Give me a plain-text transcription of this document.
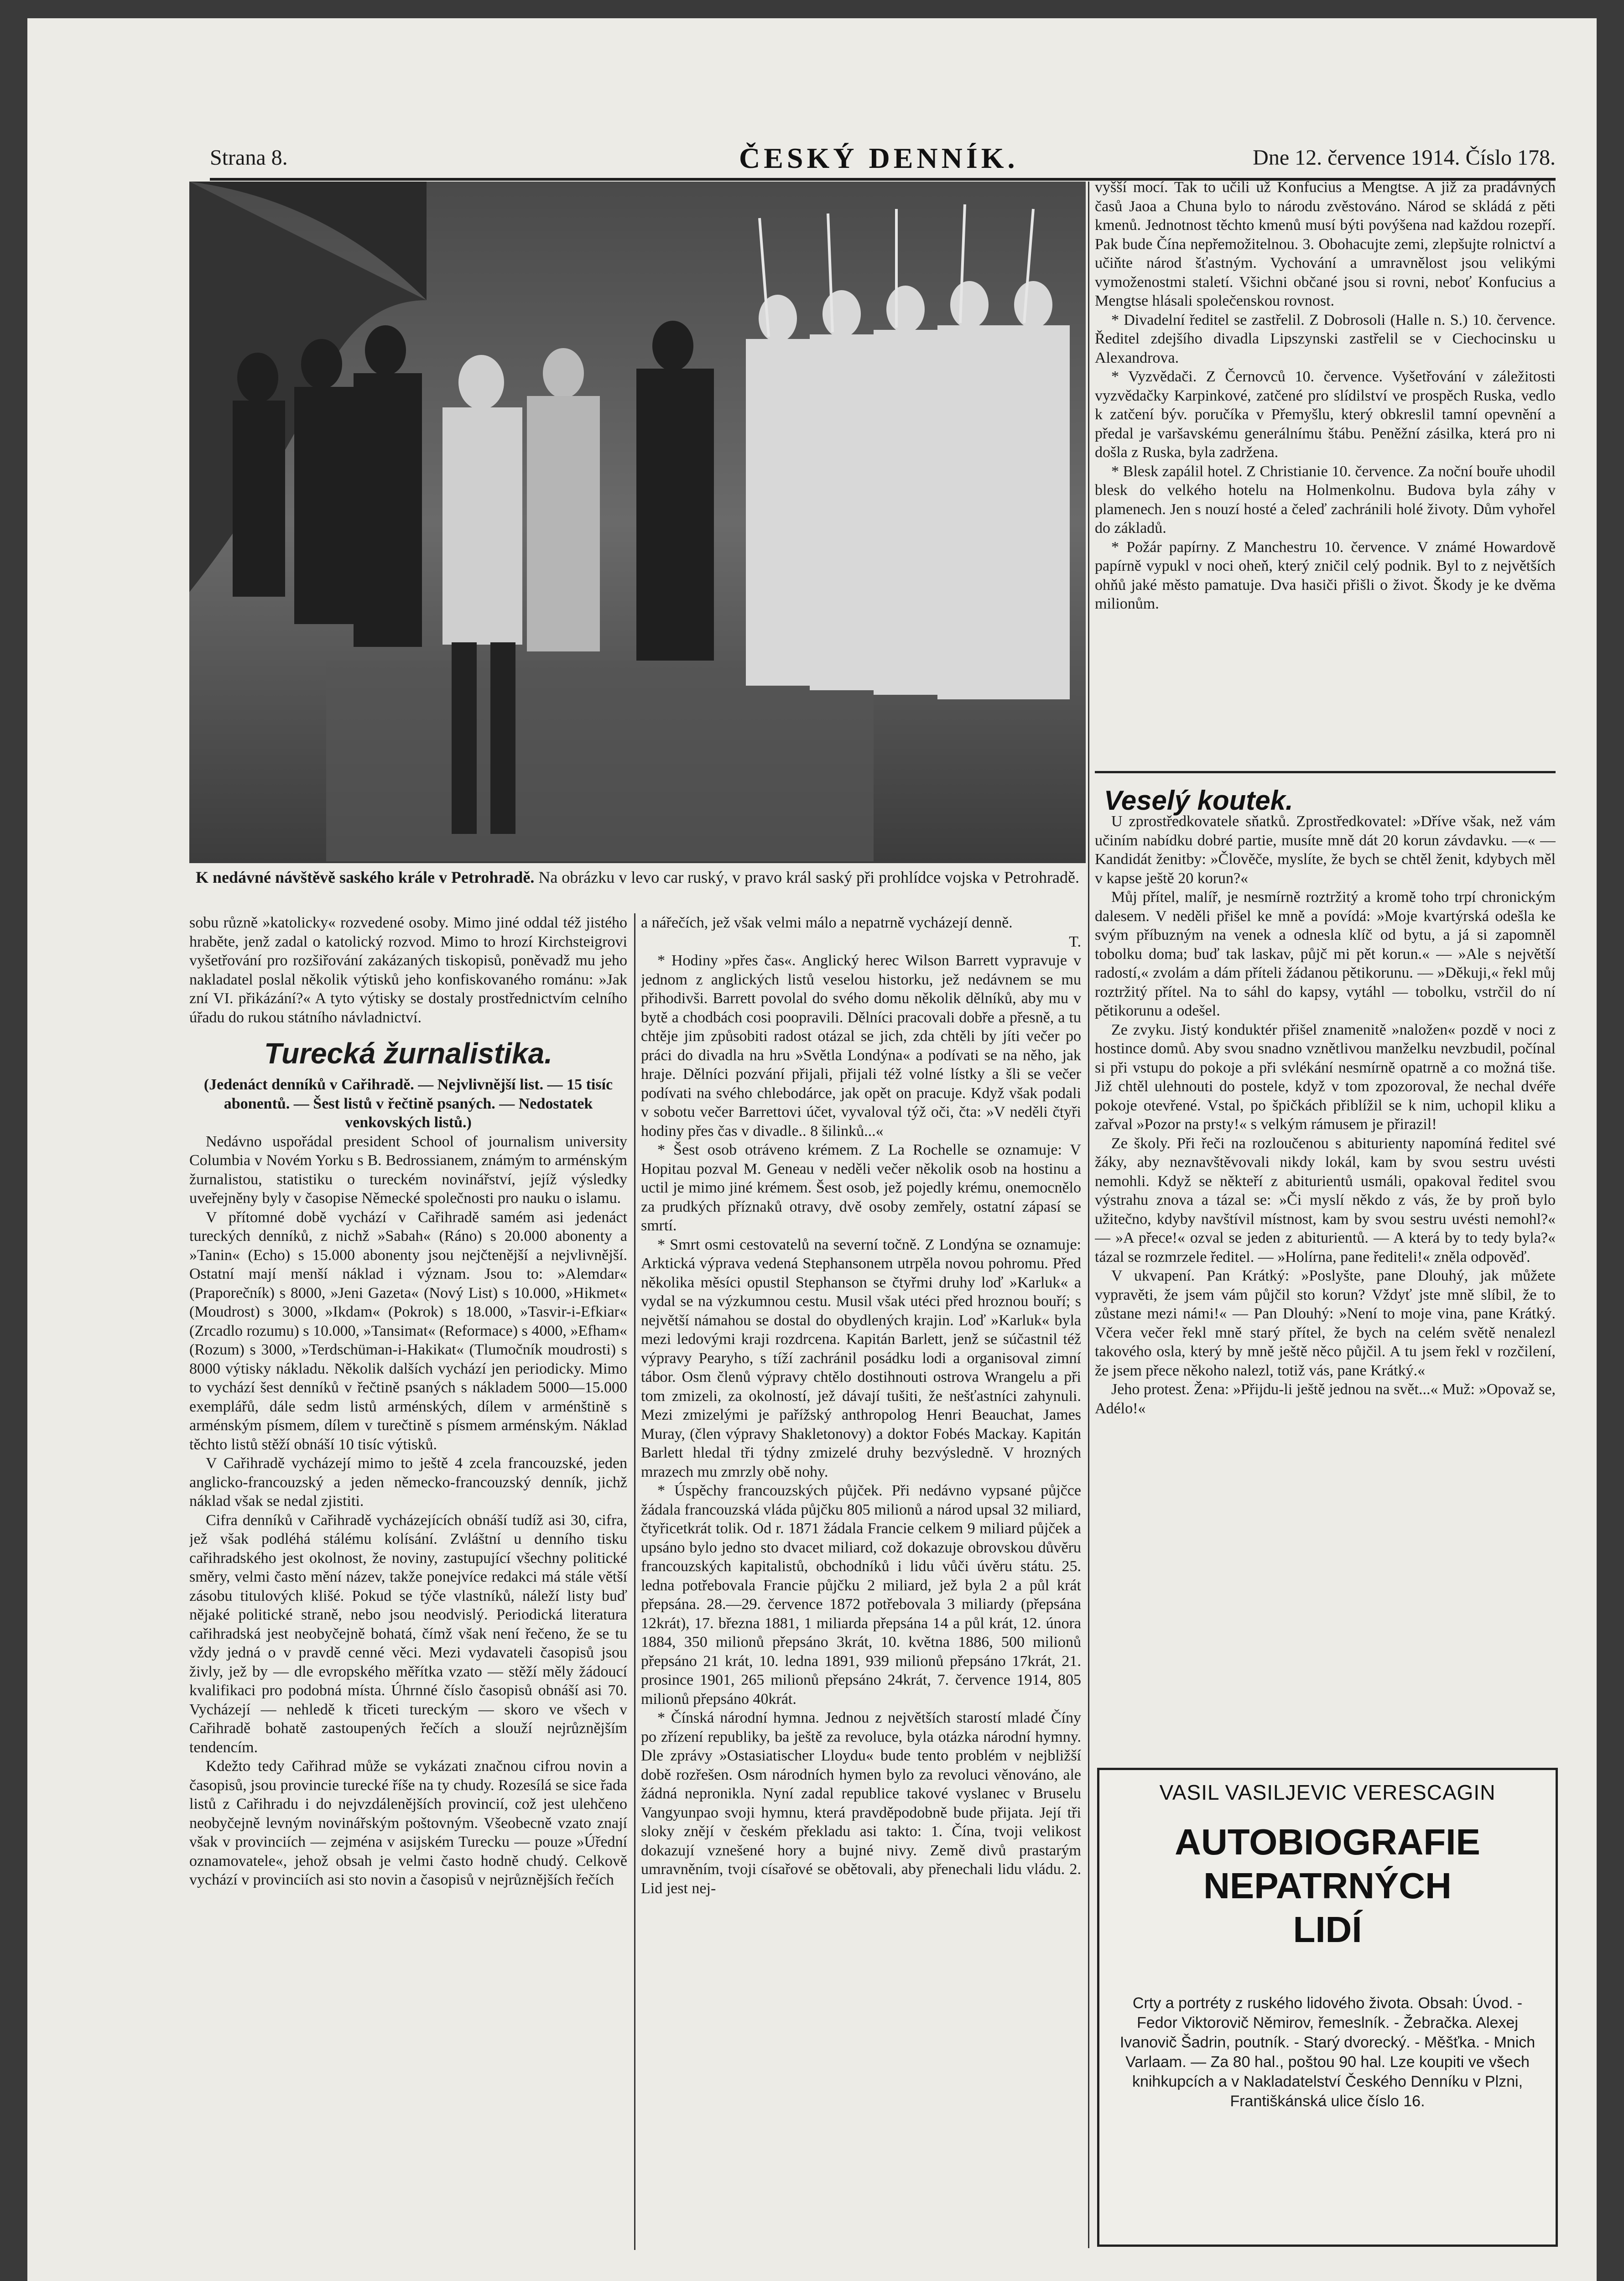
Strana 8.	ČESKÝ DENNÍK.	Dne 12. července 1914. Číslo 178.
K nedávné návštěvě saského krále v Petrohradě. Na obrázku v levo car ruský, v pravo král saský při prohlídce vojska v Petrohradě.

sobu různě »katolicky« rozvedené osoby. Mimo jiné oddal též jistého hraběte, jenž zadal o katolický rozvod. Mimo to hrozí Kirchsteigrovi vyšetřování pro rozšiřování zakázaných tiskopisů, poněvadž mu jeho nakladatel poslal několik výtisků jeho konfiskovaného románu: »Jak zní VI. přikázání?« A tyto výtisky se dostaly prostřednictvím celního úřadu do rukou státního návladnictví.

Turecká žurnalistika.

(Jedenáct denníků v Cařihradě. — Nejvlivnější list. — 15 tisíc abonentů. — Šest listů v řečtině psaných. — Nedostatek venkovských listů.)

Nedávno uspořádal president School of journalism university Columbia v Novém Yorku s B. Bedrossianem, známým to arménským žurnalistou, statistiku o tureckém novinářství, jejíž výsledky uveřejněny byly v časopise Německé společnosti pro nauku o islamu.

V přítomné době vychází v Cařihradě samém asi jedenáct tureckých denníků, z nichž »Sabah« (Ráno) s 20.000 abonenty a »Tanin« (Echo) s 15.000 abonenty jsou nejčtenější a nejvlivnější. Ostatní mají menší náklad i význam. Jsou to: »Alemdar« (Praporečník) s 8000, »Jeni Gazeta« (Nový List) s 10.000, »Hikmet« (Moudrost) s 3000, »Ikdam« (Pokrok) s 18.000, »Tasvir-i-Efkiar« (Zrcadlo rozumu) s 10.000, »Tansimat« (Reformace) s 4000, »Efham« (Rozum) s 3000, »Terdschüman-i-Hakikat« (Tlumočník moudrosti) s 8000 výtisky nákladu. Několik dalších vychází jen periodicky. Mimo to vychází šest denníků v řečtině psaných s nákladem 5000—15.000 exemplářů, dále sedm listů arménských, dílem v arménštině s arménským písmem, dílem v turečtině s písmem arménským. Náklad těchto listů stěží obnáší 10 tisíc výtisků.

V Cařihradě vycházejí mimo to ještě 4 zcela francouzské, jeden anglicko-francouzský a jeden německo-francouzský denník, jichž náklad však se nedal zjistiti.

Cifra denníků v Cařihradě vycházejících obnáší tudíž asi 30, cifra, jež však podléhá stálému kolísání. Zvláštní u denního tisku cařihradského jest okolnost, že noviny, zastupující všechny politické směry, velmi často mění název, takže ponejvíce redakci má stále větší zásobu titulových klišé. Pokud se týče vlastníků, náleží listy buď nějaké politické straně, nebo jsou neodvislý. Periodická literatura cařihradská jest neobyčejně bohatá, čímž však není řečeno, že se tu vždy jedná o v pravdě cenné věci. Mezi vydavateli časopisů jsou živly, jež by — dle evropského měřítka vzato — stěží měly žádoucí kvalifikaci pro podobná místa. Úhrnné číslo časopisů obnáší asi 70. Vycházejí — nehledě k třiceti tureckým — skoro ve všech v Cařihradě bohatě zastoupených řečích a slouží nejrůznějším tendencím.

Kdežto tedy Cařihrad může se vykázati značnou cifrou novin a časopisů, jsou provincie turecké říše na ty chudy. Rozesílá se sice řada listů z Cařihradu i do nejvzdálenějších provincií, což jest ulehčeno neobyčejně levným novinářským poštovným. Všeobecně vzato znají však v provinciích — zejména v asijském Turecku — pouze »Úřední oznamovatele«, jehož obsah je velmi často hodně chudý. Celkově vychází v provinciích asi sto novin a časopisů v nejrůznějších řečích

a nářečích, jež však velmi málo a nepatrně vycházejí denně.

T.

* Hodiny »přes čas«. Anglický herec Wilson Barrett vypravuje v jednom z anglických listů veselou historku, jež nedávnem se mu přihodivši. Barrett povolal do svého domu několik dělníků, aby mu v bytě a chodbách cosi poopravili. Dělníci pracovali dobře a přesně, a tu chtěje jim způsobiti radost otázal se jich, zda chtěli by jíti večer po práci do divadla na hru »Světla Londýna« a podívati se na něho, jak hraje. Dělníci pozvání přijali, přijali též volné lístky a šli se večer podívati na svého chlebodárce, jak opět on pracuje. Když však podali v sobotu večer Barrettovi účet, vyvaloval týž oči, čta: »V neděli čtyři hodiny přes čas v divadle.. 8 šilinků...«

* Šest osob otráveno krémem. Z La Rochelle se oznamuje: V Hopitau pozval M. Geneau v neděli večer několik osob na hostinu a uctil je mimo jiné krémem. Šest osob, jež pojedly krému, onemocnělo za prudkých příznaků otravy, dvě osoby zemřely, ostatní zápasí se smrtí.

* Smrt osmi cestovatelů na severní točně. Z Londýna se oznamuje: Arktická výprava vedená Stephansonem utrpěla novou pohromu. Před několika měsíci opustil Stephanson se čtyřmi druhy loď »Karluk« a vydal se na výzkumnou cestu. Musil však utéci před hroznou bouří; s největší námahou se dostal do obydlených krajin. Loď »Karluk« byla mezi ledovými kraji rozdrcena. Kapitán Barlett, jenž se súčastnil též výpravy Pearyho, s tíží zachránil posádku lodi a organisoval zimní tábor. Osm členů výpravy chtělo dostihnouti ostrova Wrangelu a při tom zmizeli, za okolností, jež dávají tušiti, že nešťastníci zahynuli. Mezi zmizelými je pařížský anthropolog Henri Beauchat, James Muray, (člen výpravy Shakletonovy) a doktor Fobés Mackay. Kapitán Barlett hledal tři týdny zmizelé druhy bezvýsledně. V hrozných mrazech mu zmrzly obě nohy.

* Úspěchy francouzských půjček. Při nedávno vypsané půjčce žádala francouzská vláda půjčku 805 milionů a národ upsal 32 miliard, čtyřicetkrát tolik. Od r. 1871 žádala Francie celkem 9 miliard půjček a upsáno bylo jedno sto dvacet miliard, což dokazuje obrovskou důvěru francouzských kapitalistů, obchodníků i lidu vůči úvěru státu. 25. ledna potřebovala Francie půjčku 2 miliard, jež byla 2 a půl krát přepsána. 28.—29. července 1872 potřebovala 3 miliardy (přepsána 12krát), 17. března 1881, 1 miliarda přepsána 14 a půl krát, 12. února 1884, 350 milionů přepsáno 3krát, 10. května 1886, 500 milionů přepsáno 21 krát, 10. ledna 1891, 939 milionů přepsáno 17krát, 21. prosince 1901, 265 milionů přepsáno 24krát, 7. července 1914, 805 milionů přepsáno 40krát.

* Čínská národní hymna. Jednou z největších starostí mladé Číny po zřízení republiky, ba ještě za revoluce, byla otázka národní hymny. Dle zprávy »Ostasiatischer Lloydu« bude tento problém v nejbližší době rozřešen. Osm národních hymen bylo za revoluci věnováno, ale žádná nepronikla. Nyní zadal republice takové vyslanec v Bruselu Vangyunpao svoji hymnu, která pravděpodobně bude přijata. Její tři sloky znějí v českém překladu asi takto: 1. Čína, tvoji velikost dokazují vznešené hory a bujné nivy. Země divů prastarým umravněním, tvoji císařové se obětovali, aby přenechali lidu vládu. 2. Lid jest nej-

vyšší mocí. Tak to učili už Konfucius a Mengtse. A již za pradávných časů Jaoa a Chuna bylo to národu zvěstováno. Národ se skládá z pěti kmenů. Jednotnost těchto kmenů musí býti povýšena nad každou rozepří. Pak bude Čína nepřemožitelnou. 3. Obohacujte zemi, zlepšujte rolnictví a učiňte národ šťastným. Vychování a umravnělost jsou velikými vymoženostmi staletí. Všichni občané jsou si rovni, neboť Konfucius a Mengtse hlásali společenskou rovnost.

* Divadelní ředitel se zastřelil. Z Dobrosoli (Halle n. S.) 10. července. Ředitel zdejšího divadla Lipszynski zastřelil se v Ciechocinsku u Alexandrova.

* Vyzvědači. Z Černovců 10. července. Vyšetřování v záležitosti vyzvědačky Karpinkové, zatčené pro slídilství ve prospěch Ruska, vedlo k zatčení býv. poručíka v Přemyšlu, který obkreslil tamní opevnění a předal je varšavskému generálnímu štábu. Peněžní zásilka, která pro ni došla z Ruska, byla zadržena.

* Blesk zapálil hotel. Z Christianie 10. července. Za noční bouře uhodil blesk do velkého hotelu na Holmenkolnu. Budova byla záhy v plamenech. Jen s nouzí hosté a čeleď zachránili holé životy. Dům vyhořel do základů.

* Požár papírny. Z Manchestru 10. července. V známé Howardově papírně vypukl v noci oheň, který zničil celý podnik. Byl to z největších ohňů jaké město pamatuje. Dva hasiči přišli o život. Škody je ke dvěma milionům.

Veselý koutek.

U zprostředkovatele sňatků. Zprostředkovatel: »Dříve však, než vám učiním nabídku dobré partie, musíte mně dát 20 korun závdavku. —« — Kandidát ženitby: »Člověče, myslíte, že bych se chtěl ženit, kdybych měl v kapse ještě 20 korun?«

Můj přítel, malíř, je nesmírně roztržitý a kromě toho trpí chronickým dalesem. V neděli přišel ke mně a povídá: »Moje kvartýrská odešla ke svým příbuzným na venek a odnesla klíč od bytu, a já si zapomněl tobolku doma; buď tak laskav, půjč mi pět korun.« — »Ale s největší radostí,« zvolám a dám příteli žádanou pětikorunu. — »Děkuji,« řekl můj roztržitý přítel. Na to sáhl do kapsy, vytáhl — tobolku, vstrčil do ní pětikorunu a odešel.

Ze zvyku. Jistý konduktér přišel znamenitě »naložen« pozdě v noci z hostince domů. Aby svou snadno vznětlivou manželku nevzbudil, počínal si při vstupu do pokoje a při svlékání nesmírně opatrně a co možná tiše. Již chtěl ulehnouti do postele, když v tom zpozoroval, že nechal dvéře pokoje otevřené. Vstal, po špičkách přiblížil se k nim, uchopil kliku a zařval »Pozor na prsty!« s velkým rámusem je přirazil!

Ze školy. Při řeči na rozloučenou s abiturienty napomíná ředitel své žáky, aby neznavštěvovali nikdy lokál, kam by svou sestru uvésti nemohli. Když se někteří z abiturientů usmáli, opakoval ředitel svou výstrahu znova a tázal se: »Či myslí někdo z vás, že by proň bylo užitečno, kdyby navštívil místnost, kam by svou sestru uvésti nemohl?« — »A přece!« ozval se jeden z abiturientů. — A která by to tedy byla?« tázal se rozmrzele ředitel. — »Holírna, pane řediteli!« zněla odpověď.

V ukvapení. Pan Krátký: »Poslyšte, pane Dlouhý, jak můžete vypravěti, že jsem vám půjčil sto korun? Vždyť jste mně slíbil, že to zůstane mezi námi!« — Pan Dlouhý: »Není to moje vina, pane Krátký. Včera večer řekl mně starý přítel, že bych na celém světě nenalezl takového osla, který by mně ještě něco půjčil. A tu jsem řekl v rozčilení, že jsem přece někoho nalezl, totiž vás, pane Krátký.«

Jeho protest. Žena: »Přijdu-li ještě jednou na svět...« Muž: »Opovaž se, Adélo!«

VASIL VASILJEVIC VERESCAGIN
AUTOBIOGRAFIE
NEPATRNÝCH
LIDÍ
Crty a portréty z ruského lidového života. Obsah: Úvod. - Fedor Viktorovič Němirov, řemeslník. - Žebračka. Alexej Ivanovič Šadrin, poutník. - Starý dvorecký. - Měšťka. - Mnich Varlaam. — Za 80 hal., poštou 90 hal. Lze koupiti ve všech knihkupcích a v Nakladatelství Českého Denníku v Plzni, Františkánská ulice číslo 16.
